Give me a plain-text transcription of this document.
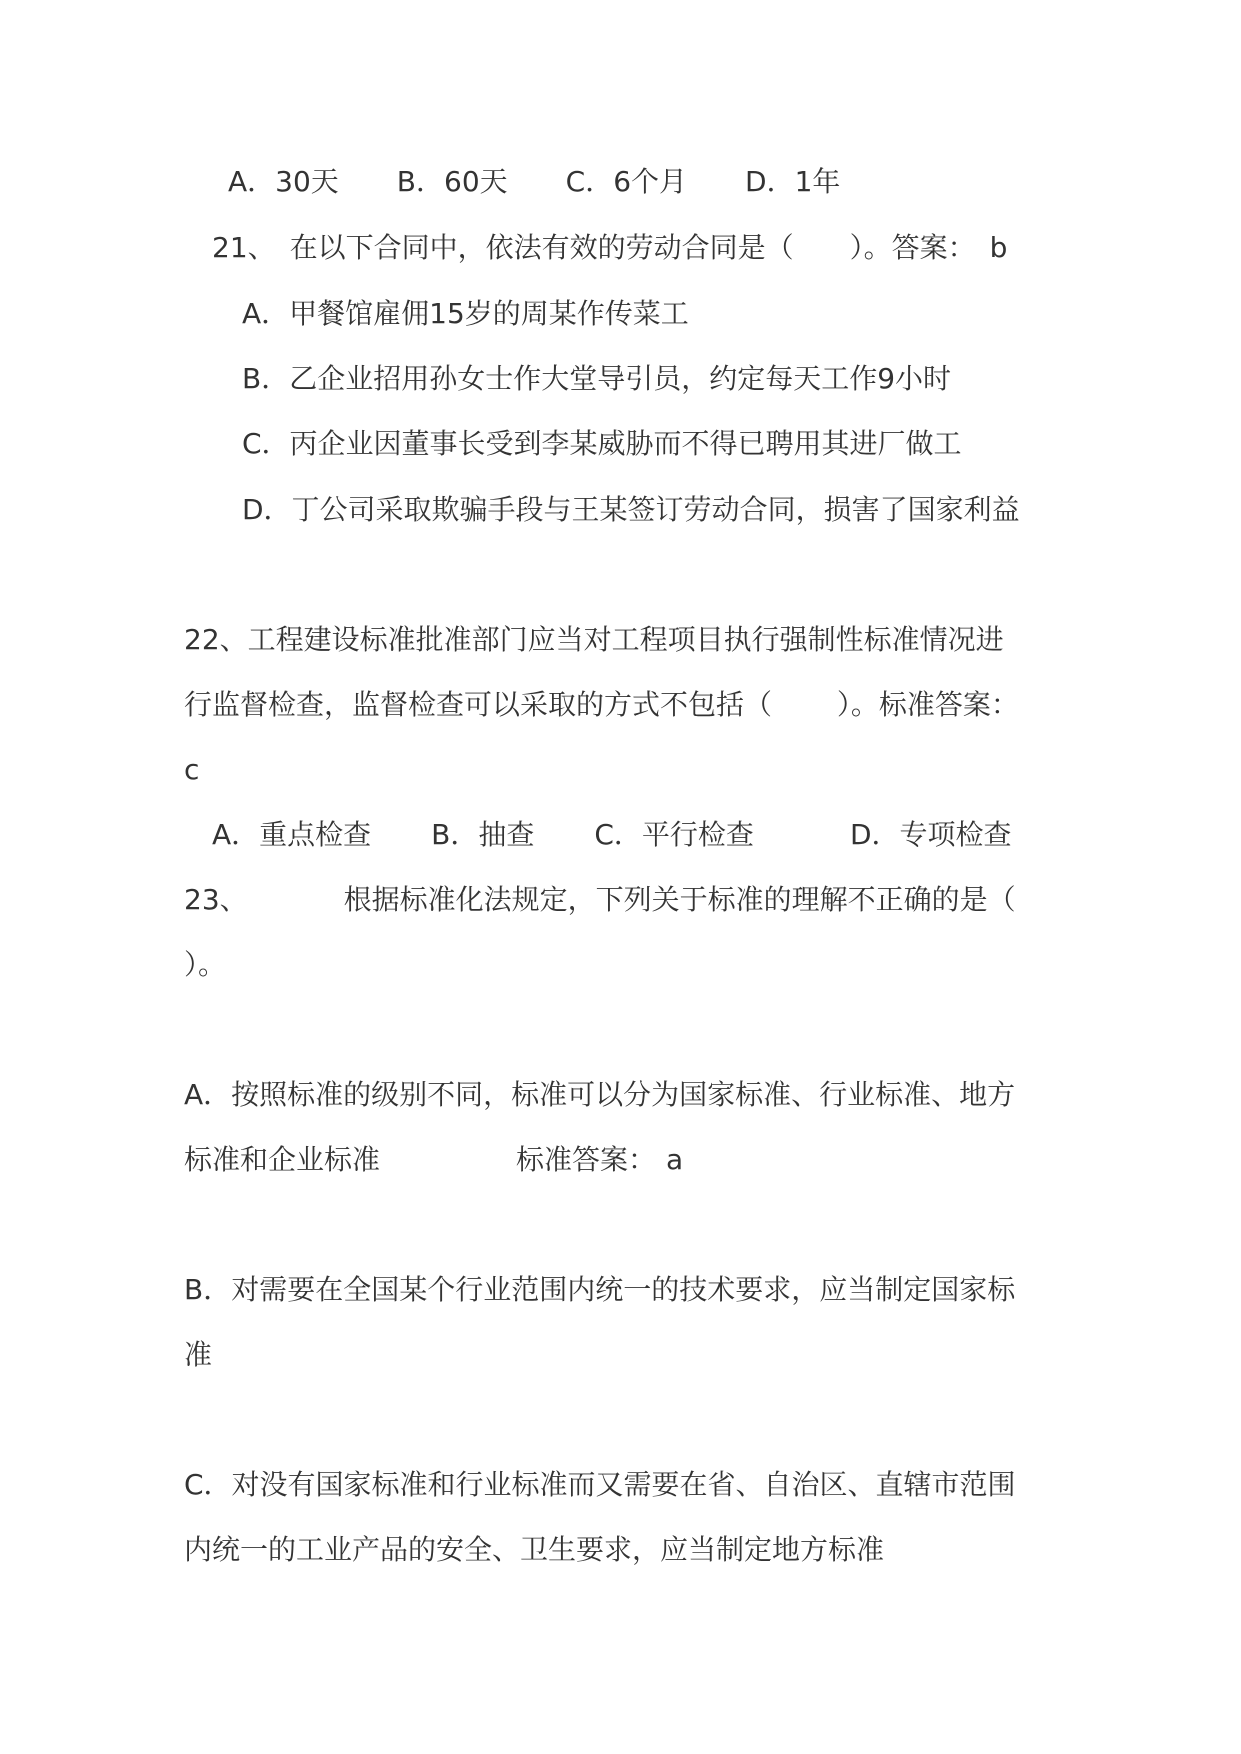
A．30天 B．60天 C．6个月 D．1年
21、 在以下合同中，依法有效的劳动合同是（　　）。答案： b
A．甲餐馆雇佣15岁的周某作传菜工
B．乙企业招用孙女士作大堂导引员，约定每天工作9小时
C．丙企业因董事长受到李某威胁而不得已聘用其进厂做工
D．丁公司采取欺骗手段与王某签订劳动合同，损害了国家利益
22、工程建设标准批准部门应当对工程项目执行强制性标准情况进
行监督检查，监督检查可以采取的方式不包括（　　 ）。标准答案：
c
A．重点检查 B．抽查 C．平行检查	D．专项检查
23、	根据标准化法规定，下列关于标准的理解不正确的是（
）。
A．按照标准的级别不同，标准可以分为国家标准、行业标准、地方
标准和企业标准	标准答案： a
B．对需要在全国某个行业范围内统一的技术要求，应当制定国家标
准
C．对没有国家标准和行业标准而又需要在省、自治区、直辖市范围
内统一的工业产品的安全、卫生要求，应当制定地方标准
